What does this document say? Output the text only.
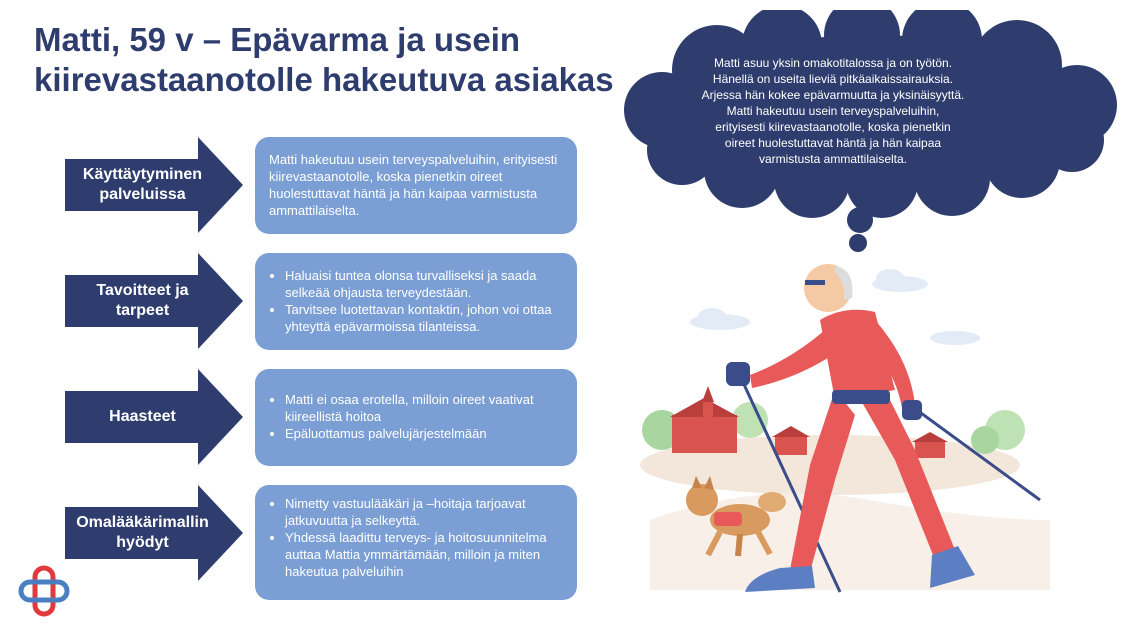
Matti, 59 v – Epävarma ja usein kiirevastaanotolle hakeutuva asiakas
Käyttäytyminen
palveluissa

Matti hakeutuu usein terveyspalveluihin, erityisesti kiirevastaanotolle, koska pienetkin oireet huolestuttavat häntä ja hän kaipaa varmistusta ammattilaiselta.

Tavoitteet ja
tarpeet
• Haluaisi tuntea olonsa turvalliseksi ja saada selkeää ohjausta terveydestään.
• Tarvitsee luotettavan kontaktin, johon voi ottaa yhteyttä epävarmoissa tilanteissa.
Haasteet
• Matti ei osaa erotella, milloin oireet vaativat kiireellistä hoitoa
• Epäluottamus palvelujärjestelmään
Omalääkärimallin
hyödyt
• Nimetty vastuulääkäri ja –hoitaja tarjoavat jatkuvuutta ja selkeyttä.
• Yhdessä laadittu terveys- ja hoitosuunnitelma auttaa Mattia ymmärtämään, milloin ja miten hakeutua palveluihin
Matti asuu yksin omakotitalossa ja on työtön.
Hänellä on useita lieviä pitkäaikaissairauksia.
Arjessa hän kokee epävarmuutta ja yksinäisyyttä.
Matti hakeutuu usein terveyspalveluihin,
erityisesti kiirevastaanotolle, koska pienetkin
oireet huolestuttavat häntä ja hän kaipaa
varmistusta ammattilaiselta.
